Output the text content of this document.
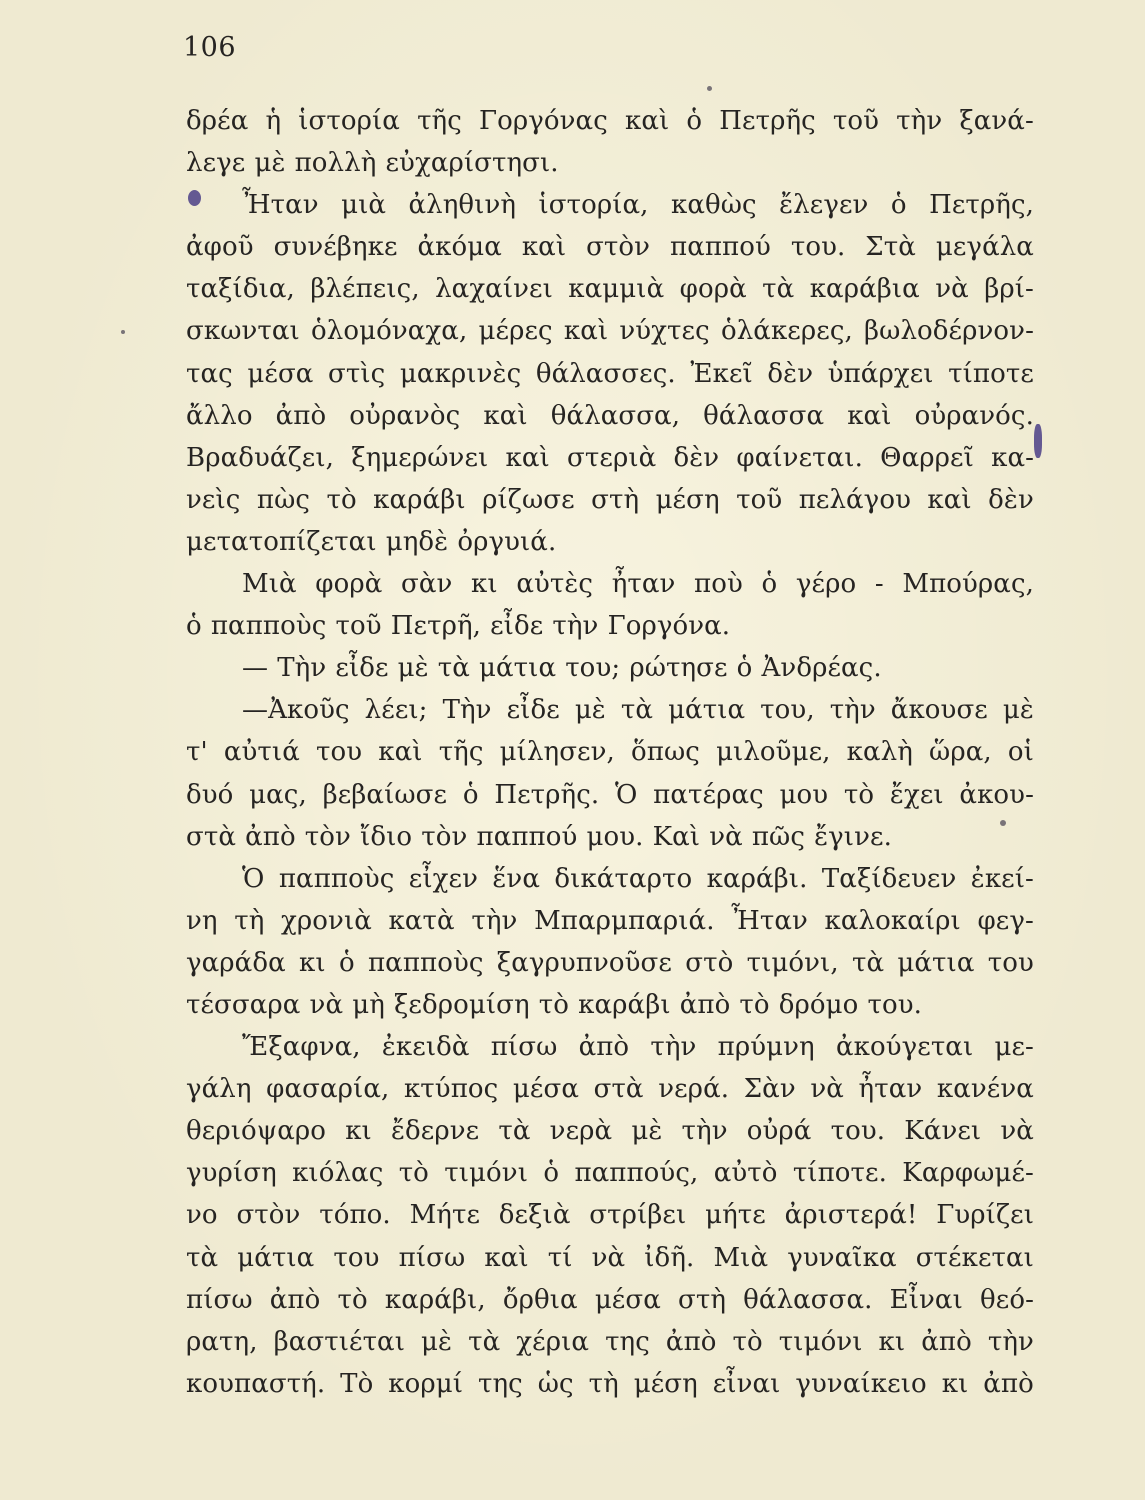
106
δρέα ἡ ἱστορία τῆς Γοργόνας καὶ ὁ Πετρῆς τοῦ τὴν ξανά-
λεγε μὲ πολλὴ εὐχαρίστησι.
Ἦταν μιὰ ἀληθινὴ ἱστορία, καθὼς ἔλεγεν ὁ Πετρῆς,
ἀφοῦ συνέβηκε ἀκόμα καὶ στὸν παππού του. Στὰ μεγάλα
ταξίδια, βλέπεις, λαχαίνει καμμιὰ φορὰ τὰ καράβια νὰ βρί-
σκωνται ὁλομόναχα, μέρες καὶ νύχτες ὁλάκερες, βωλοδέρνον-
τας μέσα στὶς μακρινὲς θάλασσες. Ἐκεῖ δὲν ὑπάρχει τίποτε
ἄλλο ἀπὸ οὐρανὸς καὶ θάλασσα, θάλασσα καὶ οὐρανός.
Βραδυάζει, ξημερώνει καὶ στεριὰ δὲν φαίνεται. Θαρρεῖ κα-
νεὶς πὼς τὸ καράβι ρίζωσε στὴ μέση τοῦ πελάγου καὶ δὲν
μετατοπίζεται μηδὲ ὀργυιά.
Μιὰ φορὰ σὰν κι αὐτὲς ἦταν ποὺ ὁ γέρο - Μπούρας,
ὁ παπποὺς τοῦ Πετρῆ, εἶδε τὴν Γοργόνα.
— Τὴν εἶδε μὲ τὰ μάτια του; ρώτησε ὁ Ἀνδρέας.
—Ἀκοῦς λέει; Τὴν εἶδε μὲ τὰ μάτια του, τὴν ἄκουσε μὲ
τ' αὐτιά του καὶ τῆς μίλησεν, ὅπως μιλοῦμε, καλὴ ὥρα, οἱ
δυό μας, βεβαίωσε ὁ Πετρῆς. Ὁ πατέρας μου τὸ ἔχει ἀκου-
στὰ ἀπὸ τὸν ἴδιο τὸν παππού μου. Καὶ νὰ πῶς ἔγινε.
Ὁ παπποὺς εἶχεν ἕνα δικάταρτο καράβι. Ταξίδευεν ἐκεί-
νη τὴ χρονιὰ κατὰ τὴν Μπαρμπαριά. Ἦταν καλοκαίρι φεγ-
γαράδα κι ὁ παπποὺς ξαγρυπνοῦσε στὸ τιμόνι, τὰ μάτια του
τέσσαρα νὰ μὴ ξεδρομίση τὸ καράβι ἀπὸ τὸ δρόμο του.
Ἔξαφνα, ἐκειδὰ πίσω ἀπὸ τὴν πρύμνη ἀκούγεται με-
γάλη φασαρία, κτύπος μέσα στὰ νερά. Σὰν νὰ ἦταν κανένα
θεριόψαρο κι ἔδερνε τὰ νερὰ μὲ τὴν οὐρά του. Κάνει νὰ
γυρίση κιόλας τὸ τιμόνι ὁ παππούς, αὐτὸ τίποτε. Καρφωμέ-
νο στὸν τόπο. Μήτε δεξιὰ στρίβει μήτε ἀριστερά! Γυρίζει
τὰ μάτια του πίσω καὶ τί νὰ ἰδῆ. Μιὰ γυναῖκα στέκεται
πίσω ἀπὸ τὸ καράβι, ὄρθια μέσα στὴ θάλασσα. Εἶναι θεό-
ρατη, βαστιέται μὲ τὰ χέρια της ἀπὸ τὸ τιμόνι κι ἀπὸ τὴν
κουπαστή. Τὸ κορμί της ὡς τὴ μέση εἶναι γυναίκειο κι ἀπὸ
